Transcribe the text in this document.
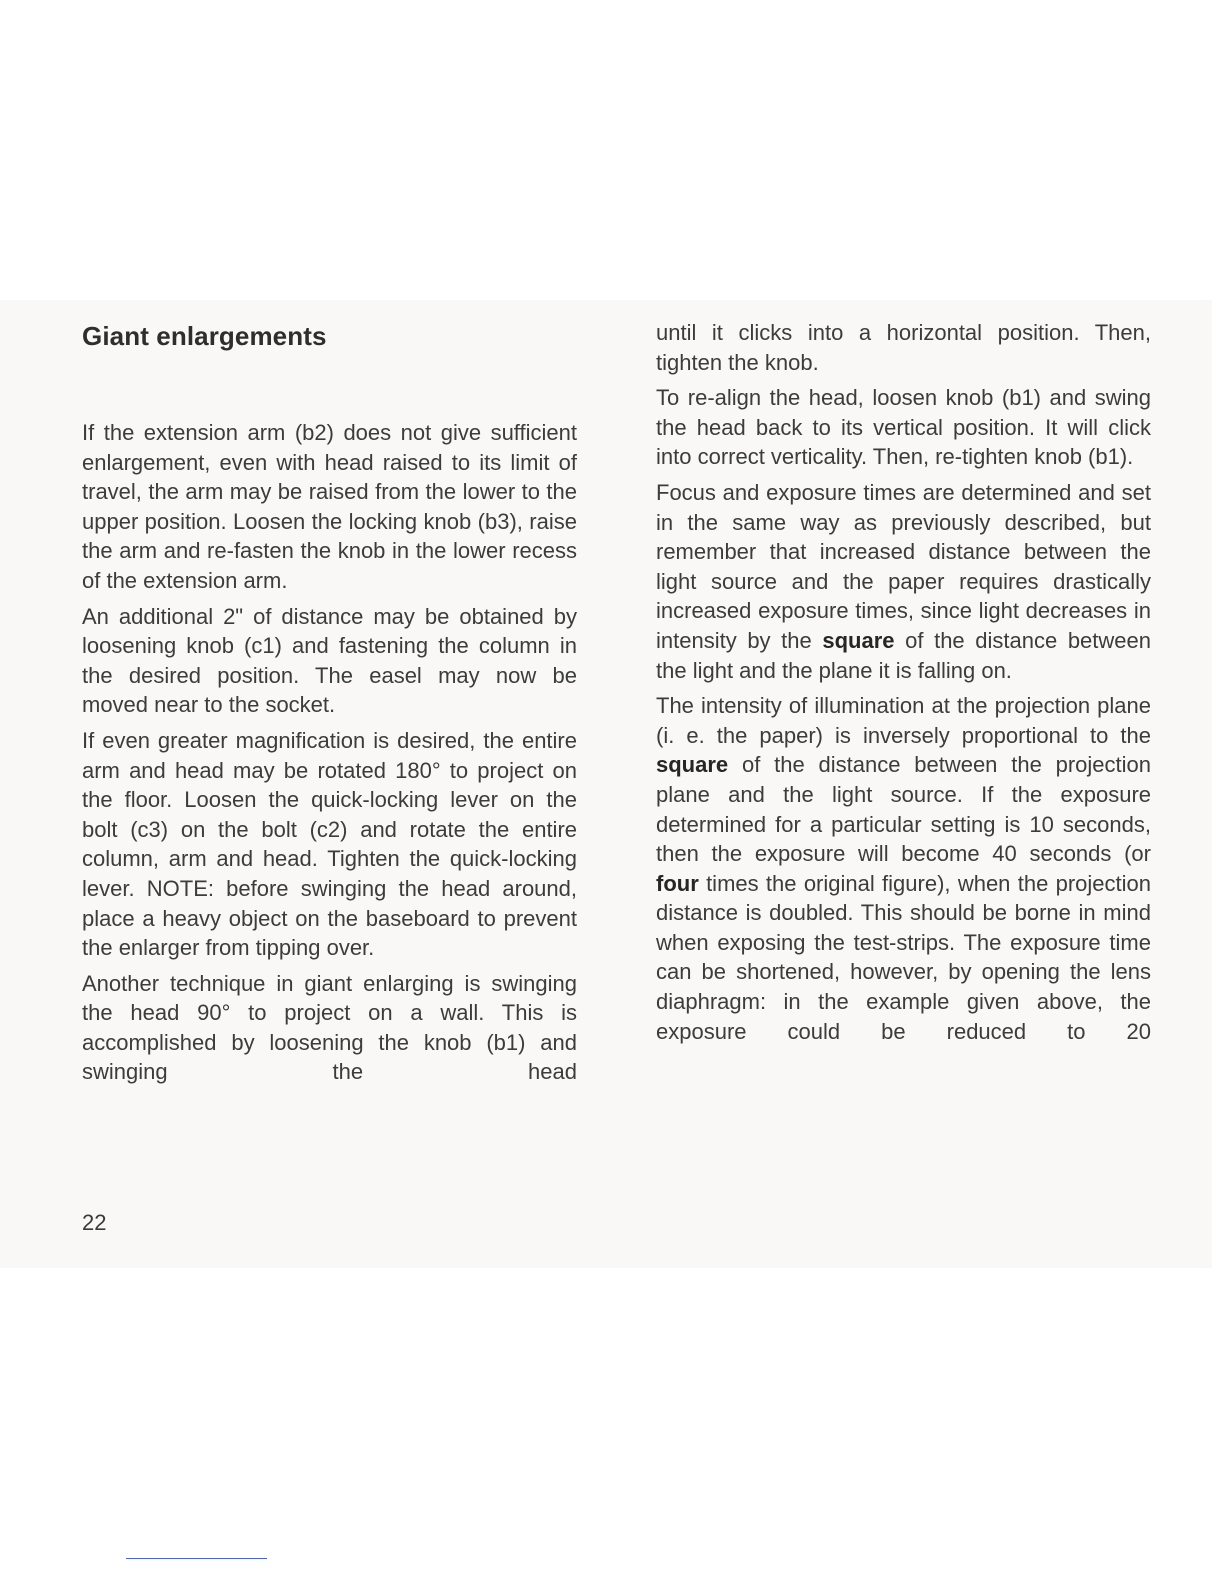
Giant enlargements

If the extension arm (b2) does not give sufficient enlargement, even with head raised to its limit of travel, the arm may be raised from the lower to the upper position. Loosen the locking knob (b3), raise the arm and re-fasten the knob in the lower recess of the extension arm.

An additional 2" of distance may be obtained by loosening knob (c1) and fastening the column in the desired position. The easel may now be moved near to the socket.

If even greater magnification is desired, the entire arm and head may be rotated 180° to project on the floor. Loosen the quick-locking lever on the bolt (c3) on the bolt (c2) and rotate the entire column, arm and head. Tighten the quick-locking lever. NOTE: before swinging the head around, place a heavy object on the baseboard to prevent the enlarger from tipping over.

Another technique in giant enlarging is swinging the head 90° to project on a wall. This is accomplished by loosening the knob (b1) and swinging the head

until it clicks into a horizontal position. Then, tighten the knob.

To re-align the head, loosen knob (b1) and swing the head back to its vertical position. It will click into correct verticality. Then, re-tighten knob (b1).

Focus and exposure times are determined and set in the same way as previously described, but remember that increased distance between the light source and the paper requires drastically increased exposure times, since light decreases in intensity by the square of the distance between the light and the plane it is falling on.

The intensity of illumination at the projection plane (i. e. the paper) is inversely proportional to the square of the distance between the projection plane and the light source. If the exposure determined for a particular setting is 10 seconds, then the exposure will become 40 seconds (or four times the original figure), when the projection distance is doubled. This should be borne in mind when exposing the test-strips. The exposure time can be shortened, however, by opening the lens diaphragm: in the example given above, the exposure could be reduced to 20

22
